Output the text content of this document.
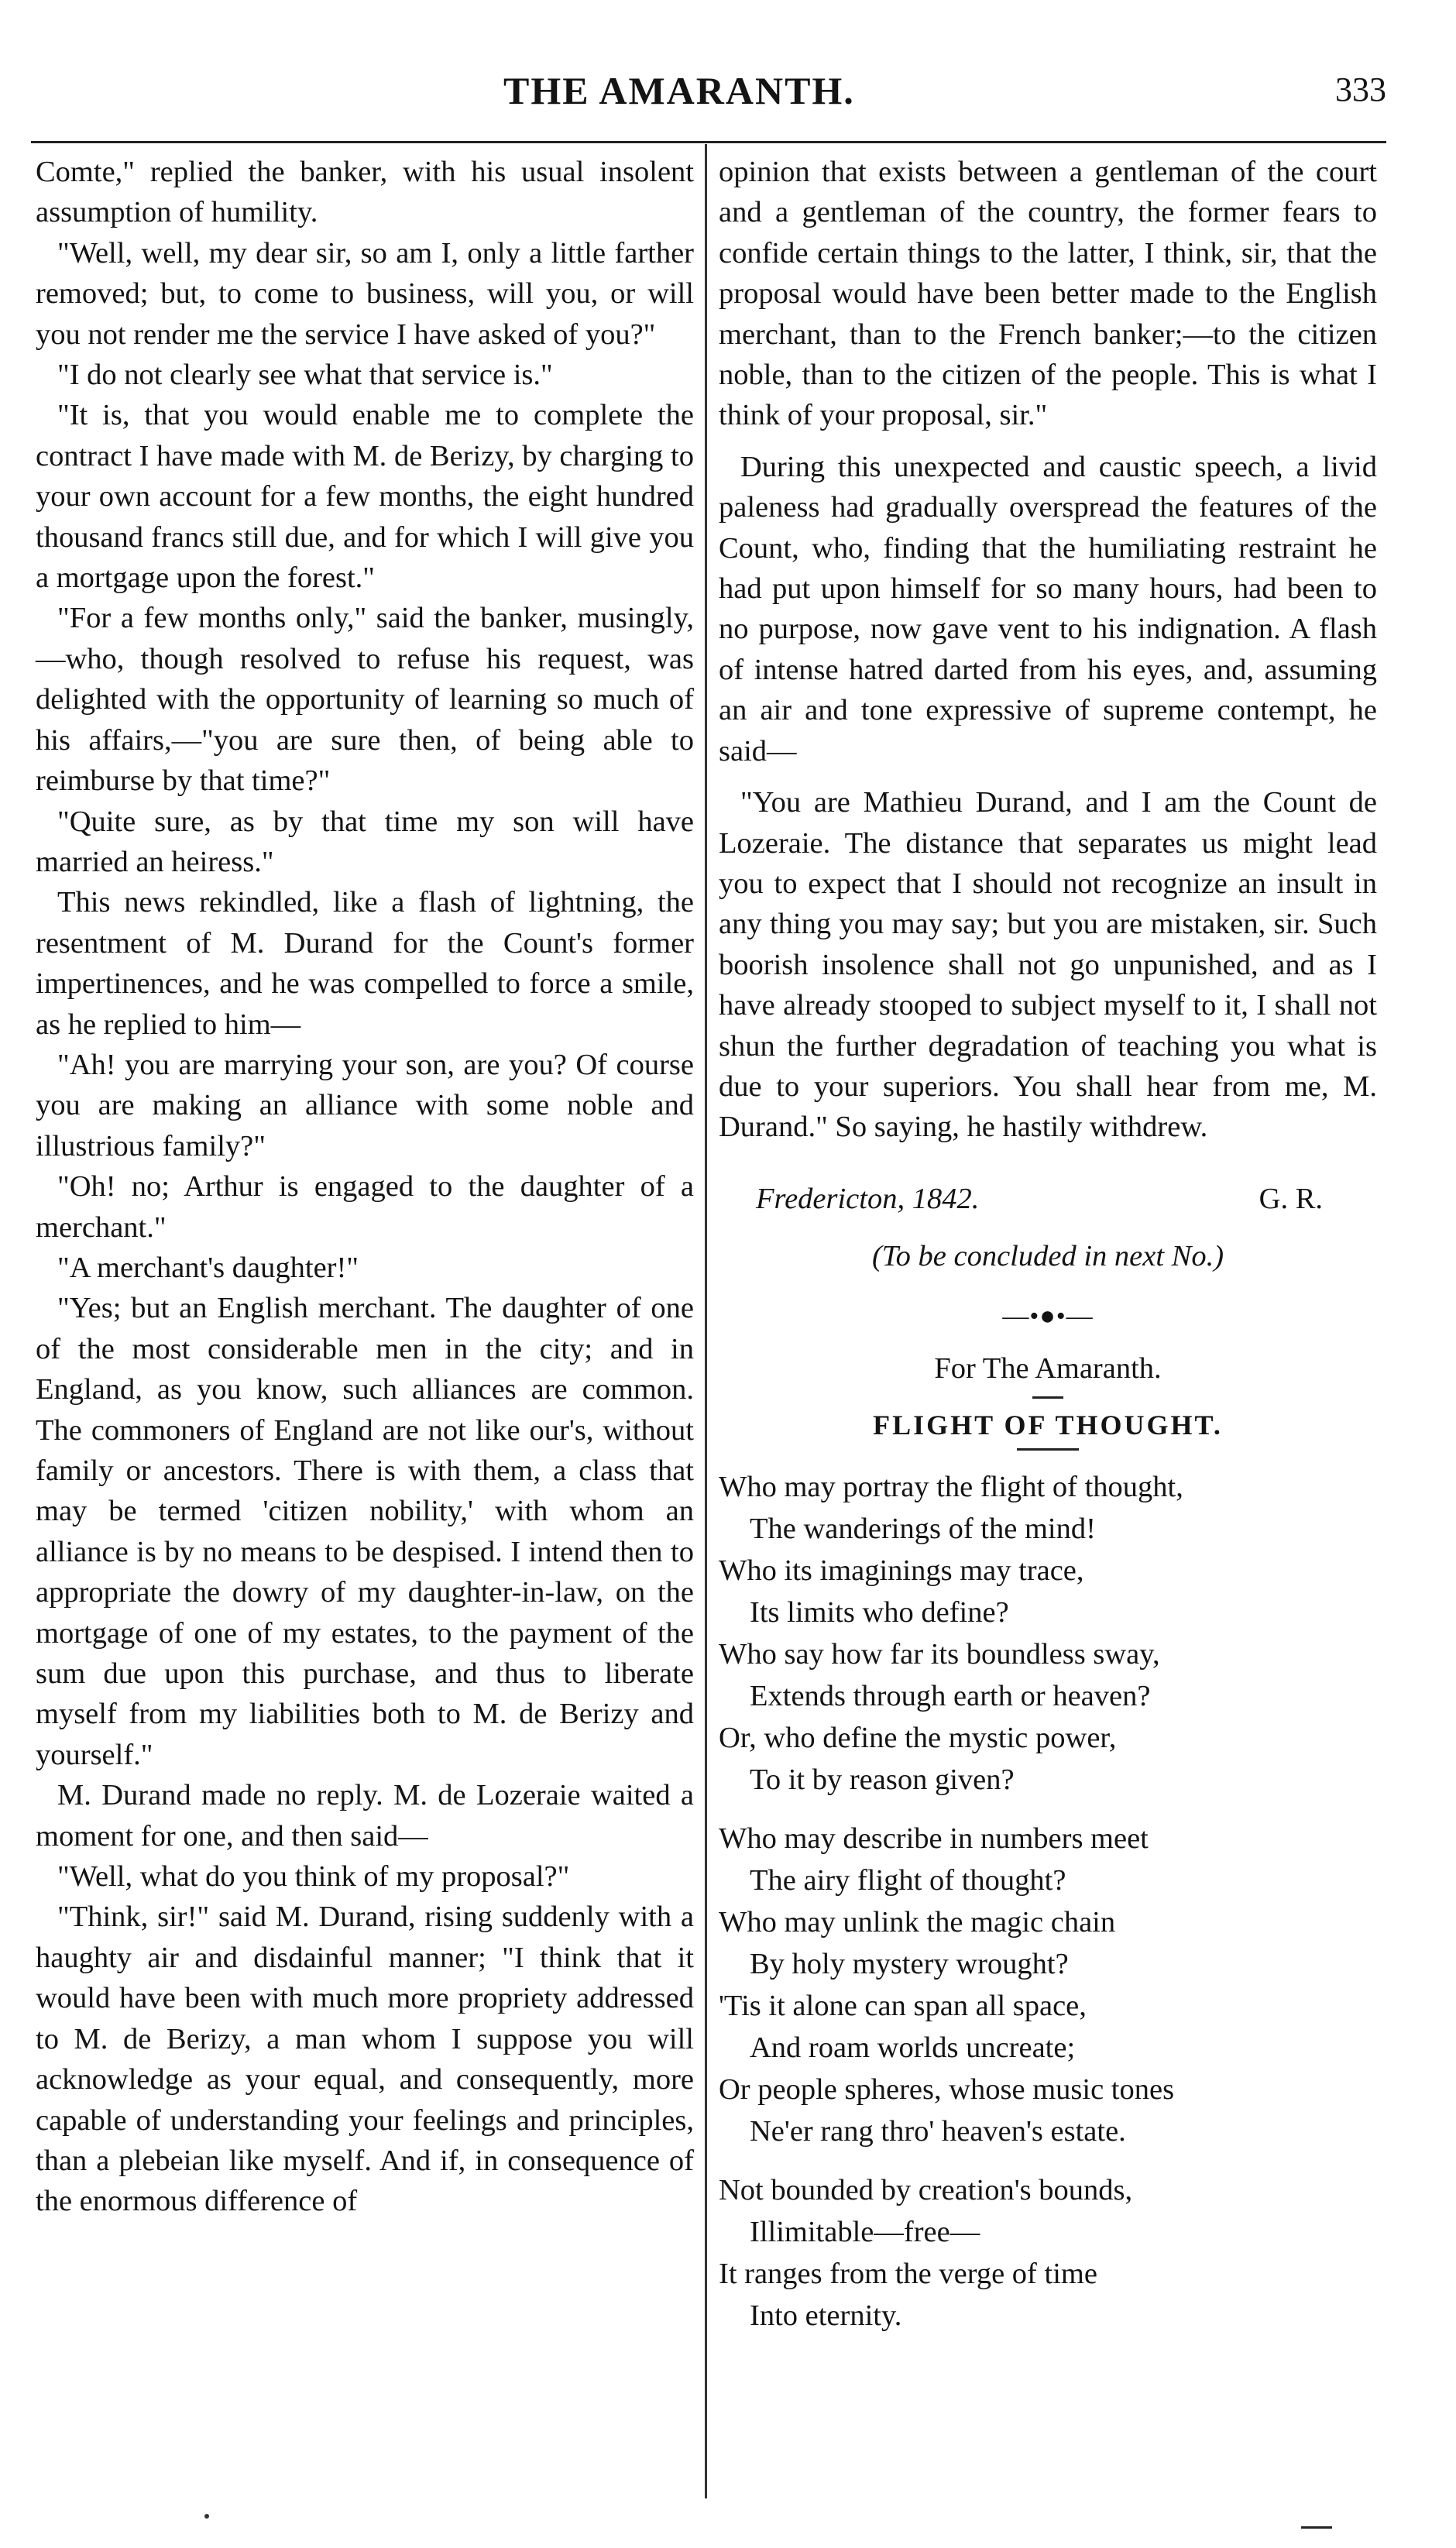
THE AMARANTH.	333

Comte," replied the banker, with his usual insolent assumption of humility.

"Well, well, my dear sir, so am I, only a little farther removed; but, to come to business, will you, or will you not render me the service I have asked of you?"

"I do not clearly see what that service is."

"It is, that you would enable me to complete the contract I have made with M. de Berizy, by charging to your own account for a few months, the eight hundred thousand francs still due, and for which I will give you a mortgage upon the forest."

"For a few months only," said the banker, musingly,—who, though resolved to refuse his request, was delighted with the opportunity of learning so much of his affairs,—"you are sure then, of being able to reimburse by that time?"

"Quite sure, as by that time my son will have married an heiress."

This news rekindled, like a flash of lightning, the resentment of M. Durand for the Count's former impertinences, and he was compelled to force a smile, as he replied to him—

"Ah! you are marrying your son, are you? Of course you are making an alliance with some noble and illustrious family?"

"Oh! no; Arthur is engaged to the daughter of a merchant."

"A merchant's daughter!"

"Yes; but an English merchant. The daughter of one of the most considerable men in the city; and in England, as you know, such alliances are common. The commoners of England are not like our's, without family or ancestors. There is with them, a class that may be termed 'citizen nobility,' with whom an alliance is by no means to be despised. I intend then to appropriate the dowry of my daughter-in-law, on the mortgage of one of my estates, to the payment of the sum due upon this purchase, and thus to liberate myself from my liabilities both to M. de Berizy and yourself."

M. Durand made no reply. M. de Lozeraie waited a moment for one, and then said—

"Well, what do you think of my proposal?"

"Think, sir!" said M. Durand, rising suddenly with a haughty air and disdainful manner; "I think that it would have been with much more propriety addressed to M. de Berizy, a man whom I suppose you will acknowledge as your equal, and consequently, more capable of understanding your feelings and principles, than a plebeian like myself. And if, in consequence of the enormous difference of

opinion that exists between a gentleman of the court and a gentleman of the country, the former fears to confide certain things to the latter, I think, sir, that the proposal would have been better made to the English merchant, than to the French banker;—to the citizen noble, than to the citizen of the people. This is what I think of your proposal, sir."

During this unexpected and caustic speech, a livid paleness had gradually overspread the features of the Count, who, finding that the humiliating restraint he had put upon himself for so many hours, had been to no purpose, now gave vent to his indignation. A flash of intense hatred darted from his eyes, and, assuming an air and tone expressive of supreme contempt, he said—

"You are Mathieu Durand, and I am the Count de Lozeraie. The distance that separates us might lead you to expect that I should not recognize an insult in any thing you may say; but you are mistaken, sir. Such boorish insolence shall not go unpunished, and as I have already stooped to subject myself to it, I shall not shun the further degradation of teaching you what is due to your superiors. You shall hear from me, M. Durand." So saying, he hastily withdrew.

Fredericton, 1842.	G. R.
(To be concluded in next No.)
—•●•—
For The Amaranth.
FLIGHT OF THOUGHT.
Who may portray the flight of thought,
The wanderings of the mind!
Who its imaginings may trace,
Its limits who define?
Who say how far its boundless sway,
Extends through earth or heaven?
Or, who define the mystic power,
To it by reason given?
Who may describe in numbers meet
The airy flight of thought?
Who may unlink the magic chain
By holy mystery wrought?
'Tis it alone can span all space,
And roam worlds uncreate;
Or people spheres, whose music tones
Ne'er rang thro' heaven's estate.
Not bounded by creation's bounds,
Illimitable—free—
It ranges from the verge of time
Into eternity.
